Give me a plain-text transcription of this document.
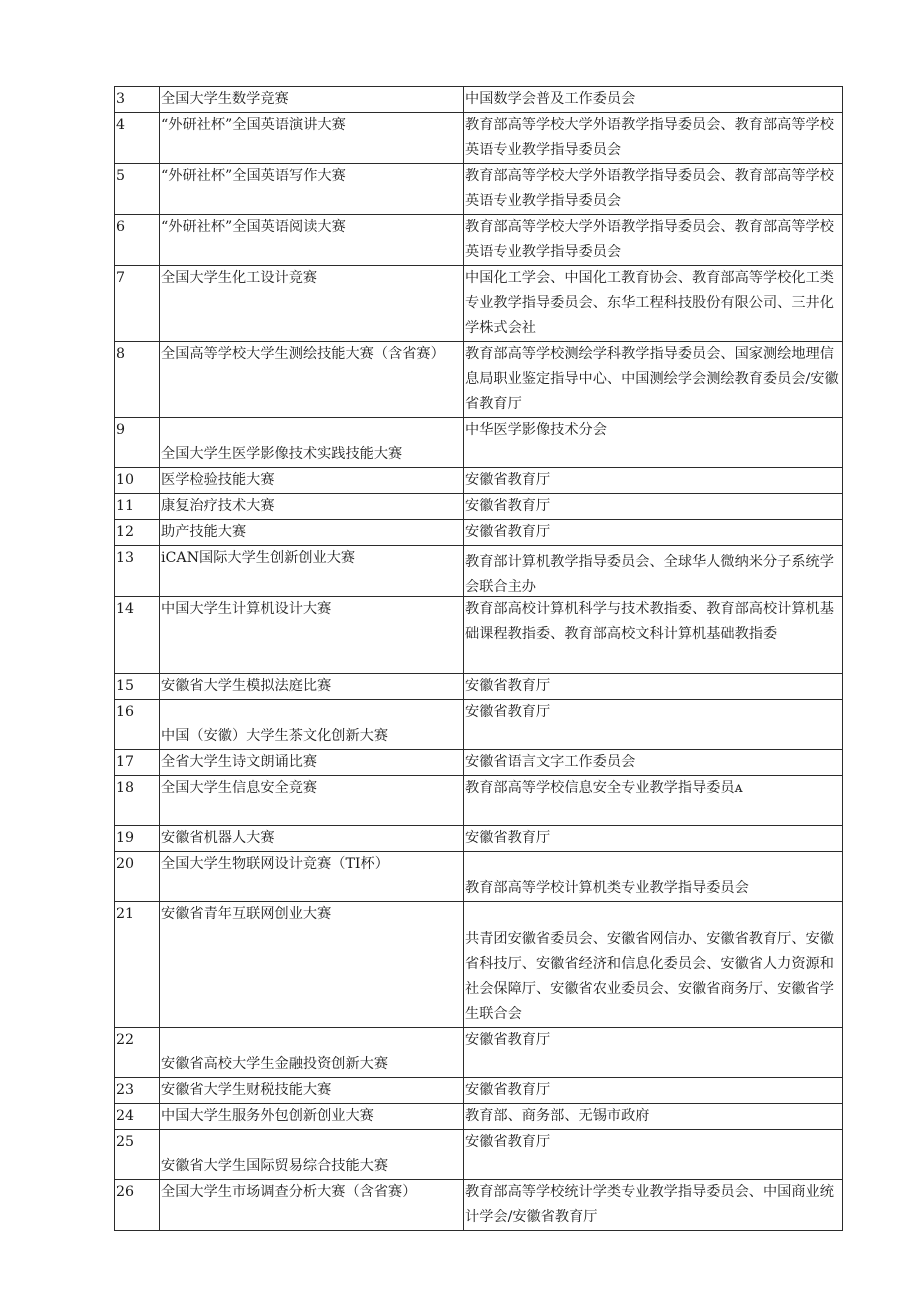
3	全国大学生数学竞赛	中国数学会普及工作委员会
4	“外研社杯”全国英语演讲大赛	教育部高等学校大学外语教学指导委员会、教育部高等学校英语专业教学指导委员会
5	“外研社杯”全国英语写作大赛	教育部高等学校大学外语教学指导委员会、教育部高等学校英语专业教学指导委员会
6	“外研社杯”全国英语阅读大赛	教育部高等学校大学外语教学指导委员会、教育部高等学校英语专业教学指导委员会
7	全国大学生化工设计竞赛	中国化工学会、中国化工教育协会、教育部高等学校化工类专业教学指导委员会、东华工程科技股份有限公司、三井化学株式会社
8	全国高等学校大学生测绘技能大赛（含省赛）	教育部高等学校测绘学科教学指导委员会、国家测绘地理信息局职业鉴定指导中心、中国测绘学会测绘教育委员会/安徽省教育厅
9	全国大学生医学影像技术实践技能大赛	中华医学影像技术分会
10	医学检验技能大赛	安徽省教育厅
11	康复治疗技术大赛	安徽省教育厅
12	助产技能大赛	安徽省教育厅
13	iCAN国际大学生创新创业大赛	教育部计算机教学指导委员会、全球华人微纳米分子系统学会联合主办

14	中国大学生计算机设计大赛	教育部高校计算机科学与技术教指委、教育部高校计算机基础课程教指委、教育部高校文科计算机基础教指委
15	安徽省大学生模拟法庭比赛	安徽省教育厅
16	中国（安徽）大学生茶文化创新大赛	安徽省教育厅
17	全省大学生诗文朗诵比赛	安徽省语言文字工作委员会
18	全国大学生信息安全竞赛	教育部高等学校信息安全专业教学指导委员ᴀ
19	安徽省机器人大赛	安徽省教育厅
20	全国大学生物联网设计竞赛（TI杯）	教育部高等学校计算机类专业教学指导委员会
21	安徽省青年互联网创业大赛	共青团安徽省委员会、安徽省网信办、安徽省教育厅、安徽省科技厅、安徽省经济和信息化委员会、安徽省人力资源和社会保障厅、安徽省农业委员会、安徽省商务厅、安徽省学生联合会
22	安徽省高校大学生金融投资创新大赛	安徽省教育厅
23	安徽省大学生财税技能大赛	安徽省教育厅
24	中国大学生服务外包创新创业大赛	教育部、商务部、无锡市政府
25	安徽省大学生国际贸易综合技能大赛	安徽省教育厅
26	全国大学生市场调查分析大赛（含省赛）	教育部高等学校统计学类专业教学指导委员会、中国商业统计学会/安徽省教育厅
